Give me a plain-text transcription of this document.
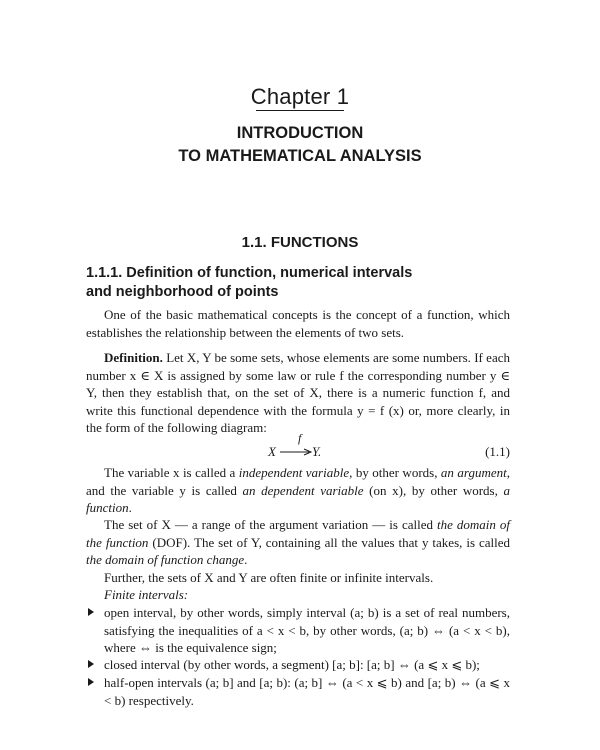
Chapter 1
INTRODUCTION
TO MATHEMATICAL ANALYSIS
1.1. FUNCTIONS
1.1.1. Definition of function, numerical intervals
and neighborhood of points

One of the basic mathematical concepts is the concept of a function, which establishes the relationship between the elements of two sets.

Definition. Let X, Y be some sets, whose elements are some numbers. If each number x ∈ X is assigned by some law or rule f the corresponding number y ∈ Y, then they establish that, on the set of X, there is a numeric function f, and write this functional dependence with the formula y = f (x) or, more clearly, in the form of the following diagram:

X
f
Y.	(1.1)

The variable x is called a independent variable, by other words, an argument, and the variable y is called an dependent variable (on x), by other words, a function.

The set of X — a range of the argument variation — is called the domain of the function (DOF). The set of Y, containing all the values that y takes, is called the domain of function change.

Further, the sets of X and Y are often finite or infinite intervals.

Finite intervals:

open interval, by other words, simply interval (a; b) is a set of real numbers, satisfying the inequalities of a < x < b, by other words, (a; b) ⇔ (a < x < b), where ⇔ is the equivalence sign;

closed interval (by other words, a segment) [a; b]: [a; b] ⇔ (a ⩽ x ⩽ b);

half-open intervals (a; b] and [a; b): (a; b] ⇔ (a < x ⩽ b) and [a; b) ⇔ (a ⩽ x < b) respectively.
